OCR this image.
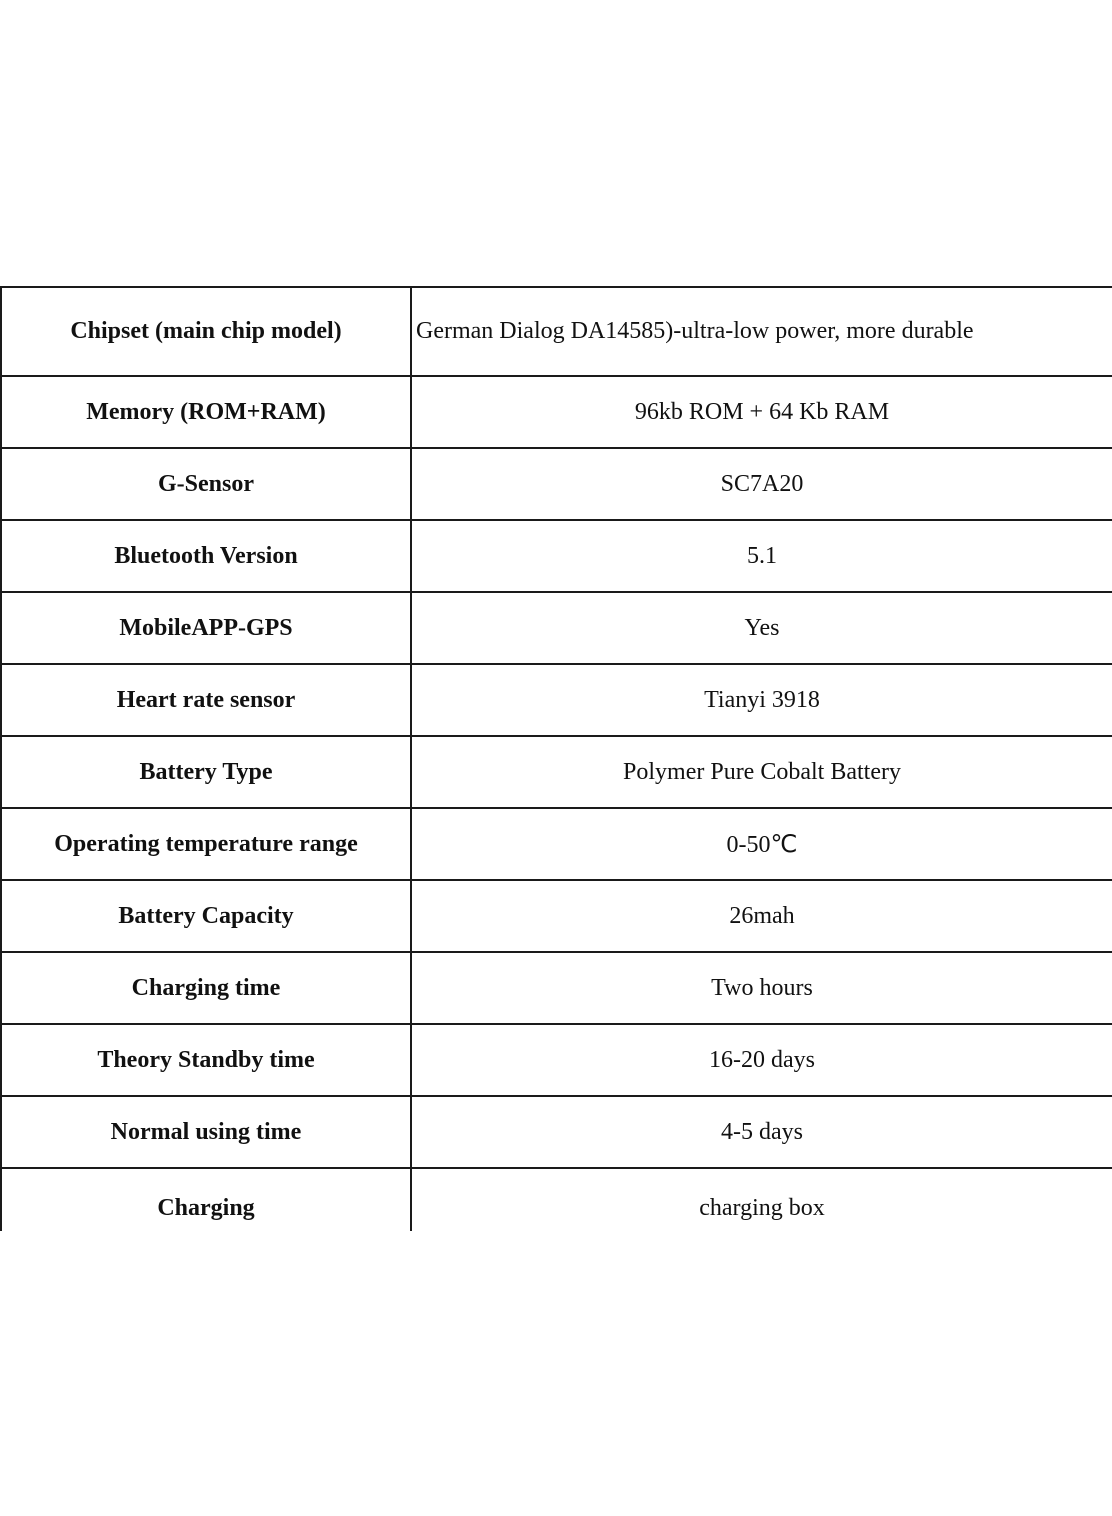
Chipset (main chip model)	German Dialog DA14585)-ultra-low power, more durable
Memory (ROM+RAM)	96kb ROM + 64 Kb RAM
G-Sensor	SC7A20
Bluetooth Version	5.1
MobileAPP-GPS	Yes
Heart rate sensor	Tianyi 3918
Battery Type	Polymer Pure Cobalt Battery
Operating temperature range	0-50℃
Battery Capacity	26mah
Charging time	Two hours
Theory Standby time	16-20 days
Normal using time	4-5 days
Charging	charging box
